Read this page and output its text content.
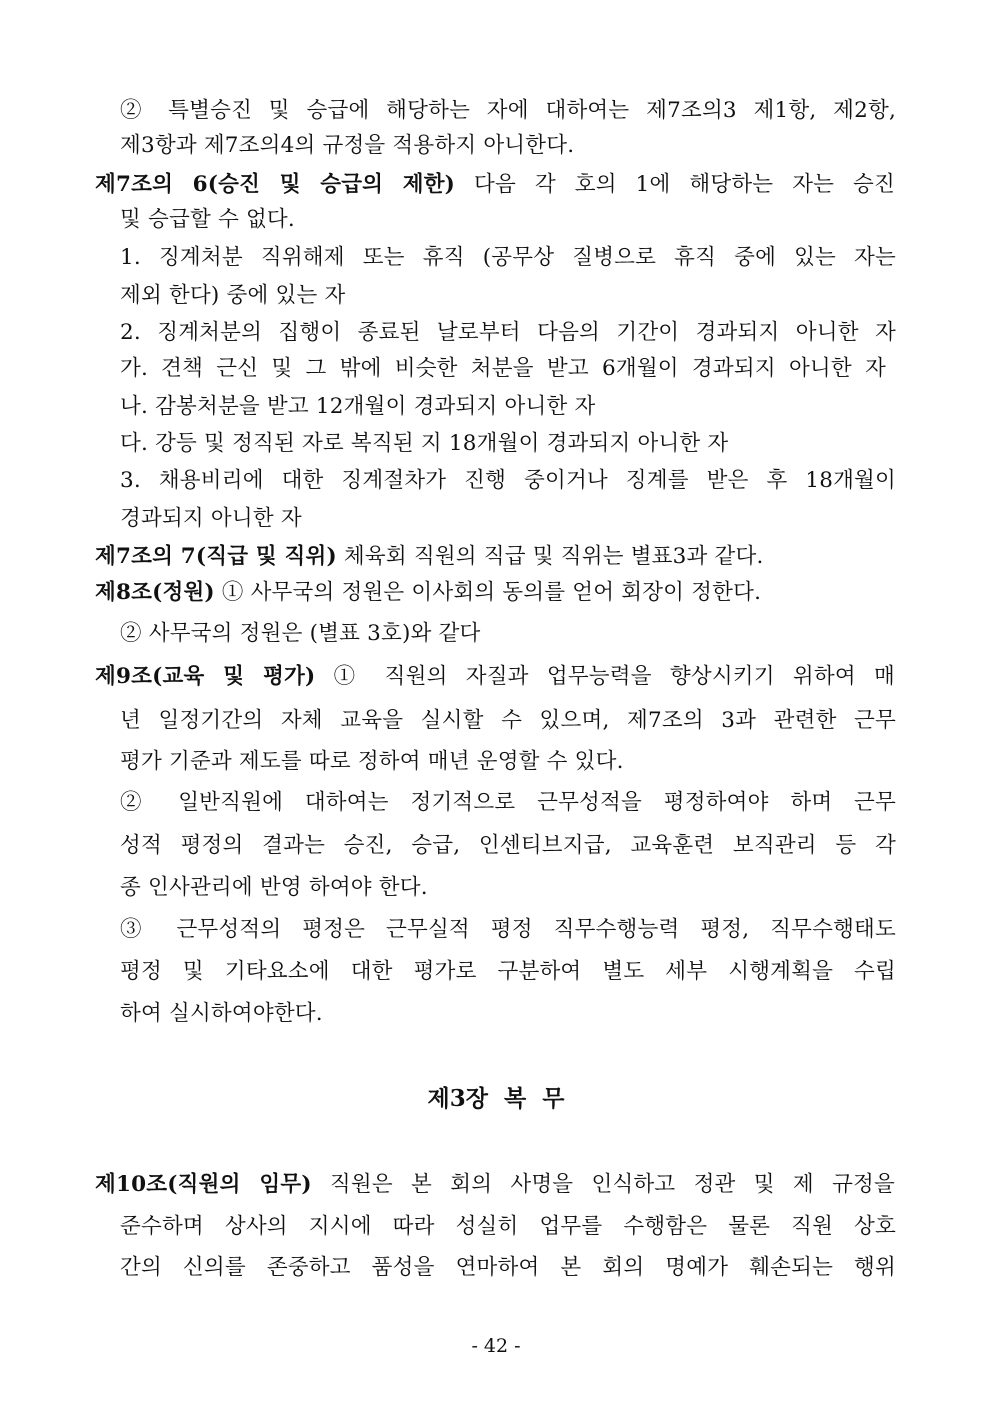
② 특별승진 및 승급에 해당하는 자에 대하여는 제7조의3 제1항, 제2항,
제3항과 제7조의4의 규정을 적용하지 아니한다.
제7조의 6(승진 및 승급의 제한) 다음 각 호의 1에 해당하는 자는 승진
및 승급할 수 없다.
1. 징계처분 직위해제 또는 휴직 (공무상 질병으로 휴직 중에 있는 자는
제외 한다) 중에 있는 자
2. 징계처분의 집행이 종료된 날로부터 다음의 기간이 경과되지 아니한 자
가. 견책 근신 및 그 밖에 비슷한 처분을 받고 6개월이 경과되지 아니한 자
나. 감봉처분을 받고 12개월이 경과되지 아니한 자
다. 강등 및 정직된 자로 복직된 지 18개월이 경과되지 아니한 자
3. 채용비리에 대한 징계절차가 진행 중이거나 징계를 받은 후 18개월이
경과되지 아니한 자
제7조의 7(직급 및 직위) 체육회 직원의 직급 및 직위는 별표3과 같다.
제8조(정원) ① 사무국의 정원은 이사회의 동의를 얻어 회장이 정한다.
② 사무국의 정원은 (별표 3호)와 같다
제9조(교육 및 평가) ① 직원의 자질과 업무능력을 향상시키기 위하여 매
년 일정기간의 자체 교육을 실시할 수 있으며, 제7조의 3과 관련한 근무
평가 기준과 제도를 따로 정하여 매년 운영할 수 있다.
② 일반직원에 대하여는 정기적으로 근무성적을 평정하여야 하며 근무
성적 평정의 결과는 승진, 승급, 인센티브지급, 교육훈련 보직관리 등 각
종 인사관리에 반영 하여야 한다.
③ 근무성적의 평정은 근무실적 평정 직무수행능력 평정, 직무수행태도
평정 및 기타요소에 대한 평가로 구분하여 별도 세부 시행계획을 수립
하여 실시하여야한다.
제3장 복 무
제10조(직원의 임무) 직원은 본 회의 사명을 인식하고 정관 및 제 규정을
준수하며 상사의 지시에 따라 성실히 업무를 수행함은 물론 직원 상호
간의 신의를 존중하고 품성을 연마하여 본 회의 명예가 훼손되는 행위
- 42 -
